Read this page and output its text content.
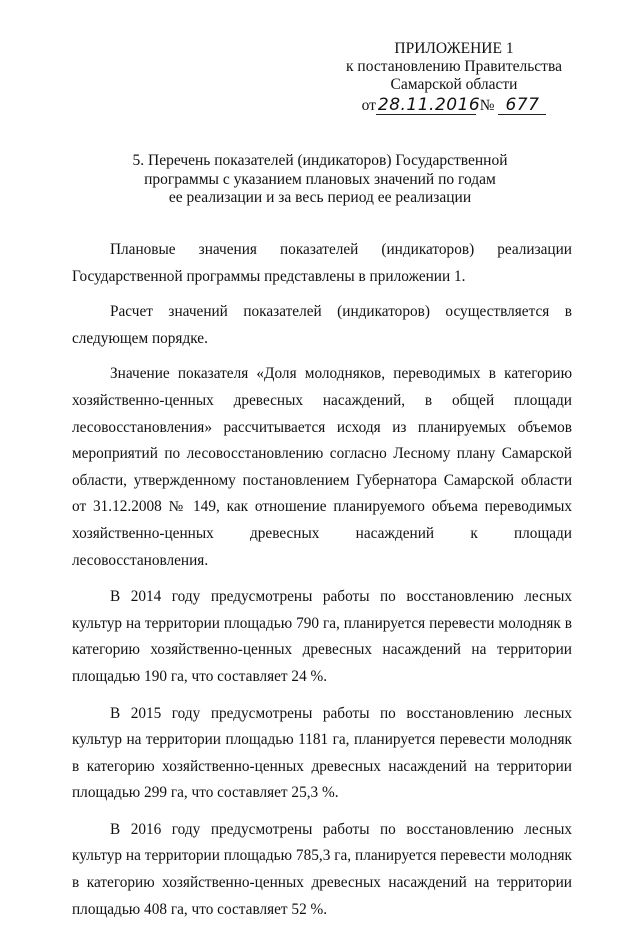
ПРИЛОЖЕНИЕ 1
к постановлению Правительства
Самарской области
от 28.11.2016 № 677
5. Перечень показателей (индикаторов) Государственной
программы с указанием плановых значений по годам
ее реализации и за весь период ее реализации

Плановые значения показателей (индикаторов) реализации Государственной программы представлены в приложении 1.

Расчет значений показателей (индикаторов) осуществляется в следующем порядке.

Значение показателя «Доля молодняков, переводимых в категорию хозяйственно-ценных древесных насаждений, в общей площади лесовосстановления» рассчитывается исходя из планируемых объемов мероприятий по лесовосстановлению согласно Лесному плану Самарской области, утвержденному постановлением Губернатора Самарской области от 31.12.2008 № 149, как отношение планируемого объема переводимых хозяйственно-ценных древесных насаждений к площади лесовосстановления.

В 2014 году предусмотрены работы по восстановлению лесных культур на территории площадью 790 га, планируется перевести молодняк в категорию хозяйственно-ценных древесных насаждений на территории площадью 190 га, что составляет 24 %.

В 2015 году предусмотрены работы по восстановлению лесных культур на территории площадью 1181 га, планируется перевести молодняк в категорию хозяйственно-ценных древесных насаждений на территории площадью 299 га, что составляет 25,3 %.

В 2016 году предусмотрены работы по восстановлению лесных культур на территории площадью 785,3 га, планируется перевести молодняк в категорию хозяйственно-ценных древесных насаждений на территории площадью 408 га, что составляет 52 %.
